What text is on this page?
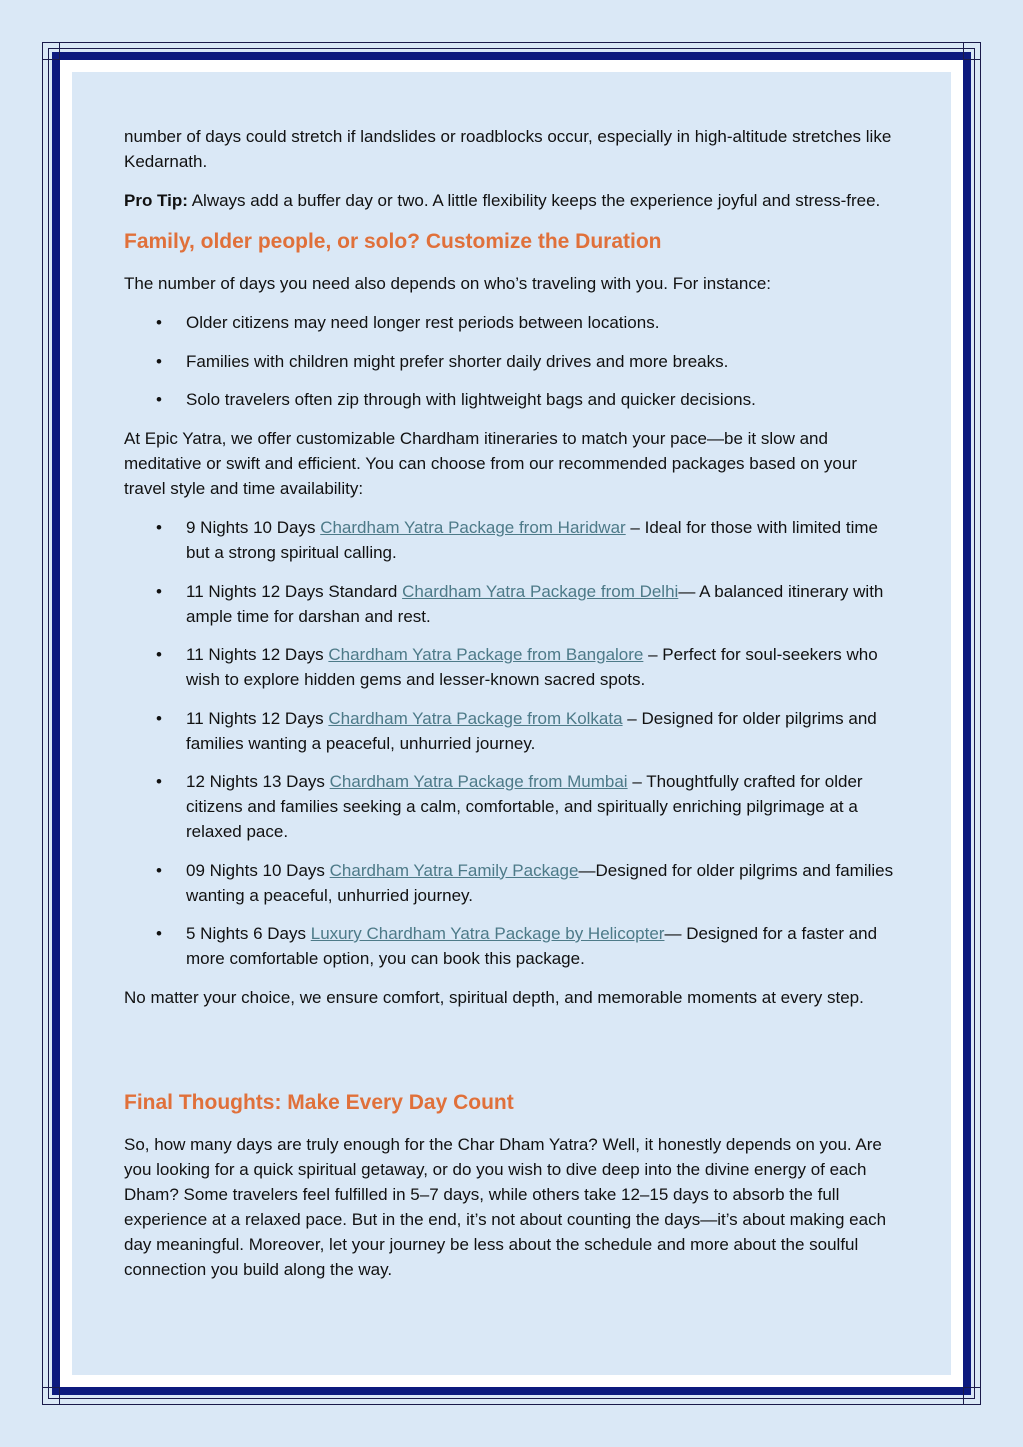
number of days could stretch if landslides or roadblocks occur, especially in high-altitude stretches like Kedarnath.

Pro Tip: Always add a buffer day or two. A little flexibility keeps the experience joyful and stress-free.

Family, older people, or solo? Customize the Duration

The number of days you need also depends on who’s traveling with you. For instance:

• Older citizens may need longer rest periods between locations.
• Families with children might prefer shorter daily drives and more breaks.
• Solo travelers often zip through with lightweight bags and quicker decisions.

At Epic Yatra, we offer customizable Chardham itineraries to match your pace—be it slow and meditative or swift and efficient. You can choose from our recommended packages based on your travel style and time availability:

• 9 Nights 10 Days Chardham Yatra Package from Haridwar – Ideal for those with limited time but a strong spiritual calling.
• 11 Nights 12 Days Standard Chardham Yatra Package from Delhi— A balanced itinerary with ample time for darshan and rest.
• 11 Nights 12 Days Chardham Yatra Package from Bangalore – Perfect for soul-seekers who wish to explore hidden gems and lesser-known sacred spots.
• 11 Nights 12 Days Chardham Yatra Package from Kolkata – Designed for older pilgrims and families wanting a peaceful, unhurried journey.
• 12 Nights 13 Days Chardham Yatra Package from Mumbai – Thoughtfully crafted for older citizens and families seeking a calm, comfortable, and spiritually enriching pilgrimage at a relaxed pace.
• 09 Nights 10 Days Chardham Yatra Family Package—Designed for older pilgrims and families wanting a peaceful, unhurried journey.
• 5 Nights 6 Days Luxury Chardham Yatra Package by Helicopter— Designed for a faster and more comfortable option, you can book this package.

No matter your choice, we ensure comfort, spiritual depth, and memorable moments at every step.

Final Thoughts: Make Every Day Count

So, how many days are truly enough for the Char Dham Yatra? Well, it honestly depends on you. Are you looking for a quick spiritual getaway, or do you wish to dive deep into the divine energy of each Dham? Some travelers feel fulfilled in 5–7 days, while others take 12–15 days to absorb the full experience at a relaxed pace. But in the end, it’s not about counting the days—it’s about making each day meaningful. Moreover, let your journey be less about the schedule and more about the soulful connection you build along the way.
